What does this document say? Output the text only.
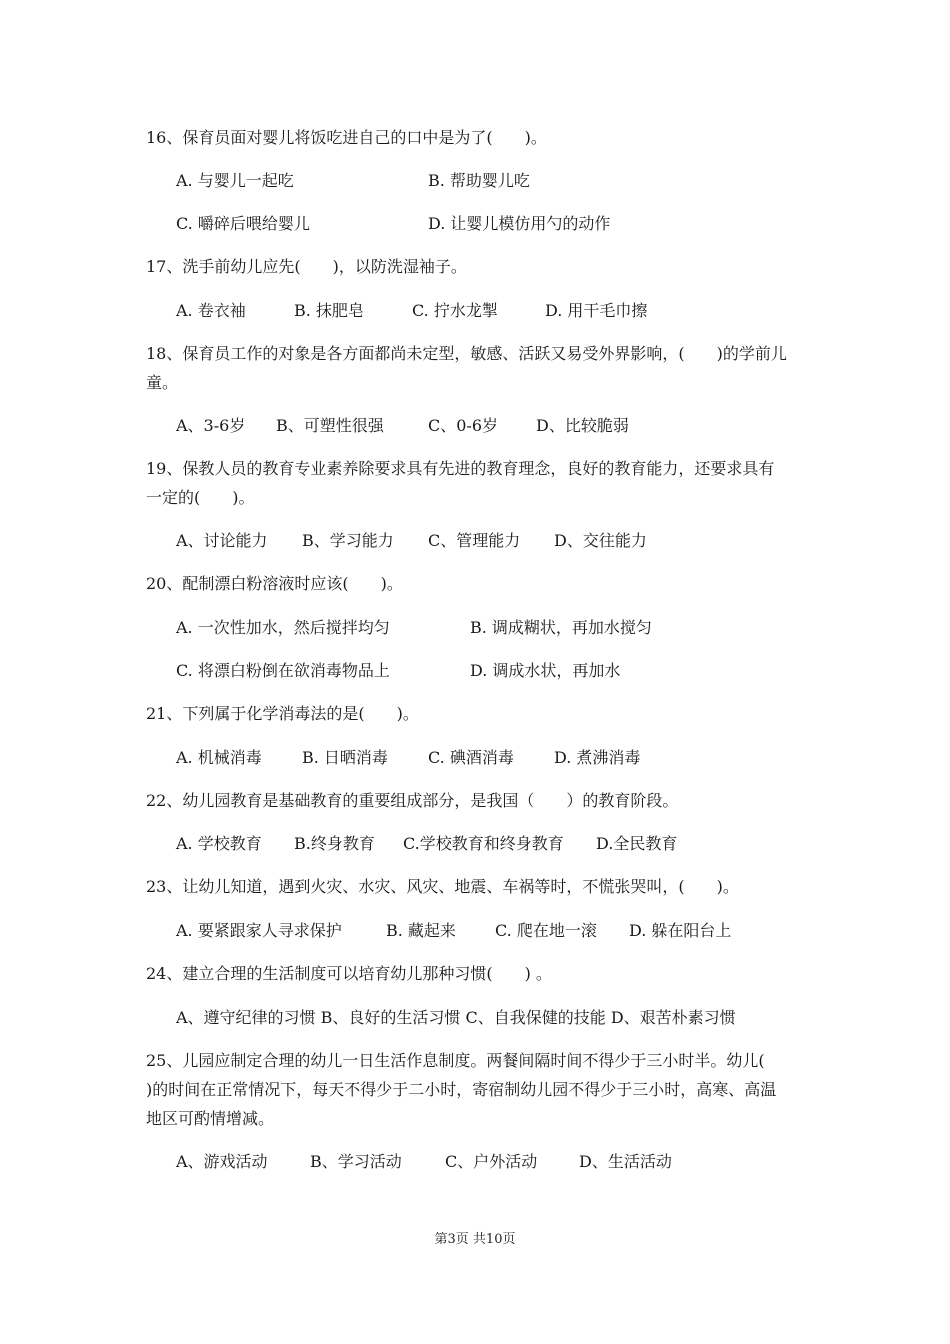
16、保育员面对婴儿将饭吃进自己的口中是为了(　　)。
A. 与婴儿一起吃	B. 帮助婴儿吃
C. 嚼碎后喂给婴儿	D. 让婴儿模仿用勺的动作
17、洗手前幼儿应先(　　)，以防洗湿袖子。
A. 卷衣袖	B. 抹肥皂	C. 拧水龙掣	D. 用干毛巾擦
18、保育员工作的对象是各方面都尚未定型，敏感、活跃又易受外界影响，(　　)的学前儿
童。
A、3-6岁 B、可塑性很强	C、0-6岁 D、比较脆弱
19、保教人员的教育专业素养除要求具有先进的教育理念，良好的教育能力，还要求具有
一定的(　　)。
A、讨论能力 B、学习能力 C、管理能力 D、交往能力
20、配制漂白粉溶液时应该(　　)。
A. 一次性加水，然后搅拌均匀	B. 调成糊状，再加水搅匀
C. 将漂白粉倒在欲消毒物品上	D. 调成水状，再加水
21、下列属于化学消毒法的是(　　)。
A. 机械消毒	B. 日晒消毒	C. 碘酒消毒	D. 煮沸消毒
22、幼儿园教育是基础教育的重要组成部分，是我国（　　）的教育阶段。
A. 学校教育 B.终身教育 C.学校教育和终身教育 D.全民教育
23、让幼儿知道，遇到火灾、水灾、风灾、地震、车祸等时，不慌张哭叫，(　　)。
A. 要紧跟家人寻求保护	B. 藏起来 C. 爬在地一滚 D. 躲在阳台上
24、建立合理的生活制度可以培育幼儿那种习惯(　　) 。
A、遵守纪律的习惯 B、良好的生活习惯 C、自我保健的技能 D、艰苦朴素习惯
25、儿园应制定合理的幼儿一日生活作息制度。两餐间隔时间不得少于三小时半。幼儿(
)的时间在正常情况下，每天不得少于二小时，寄宿制幼儿园不得少于三小时，高寒、高温
地区可酌情增减。
A、游戏活动	B、学习活动	C、户外活动	D、生活活动
第3页 共10页
